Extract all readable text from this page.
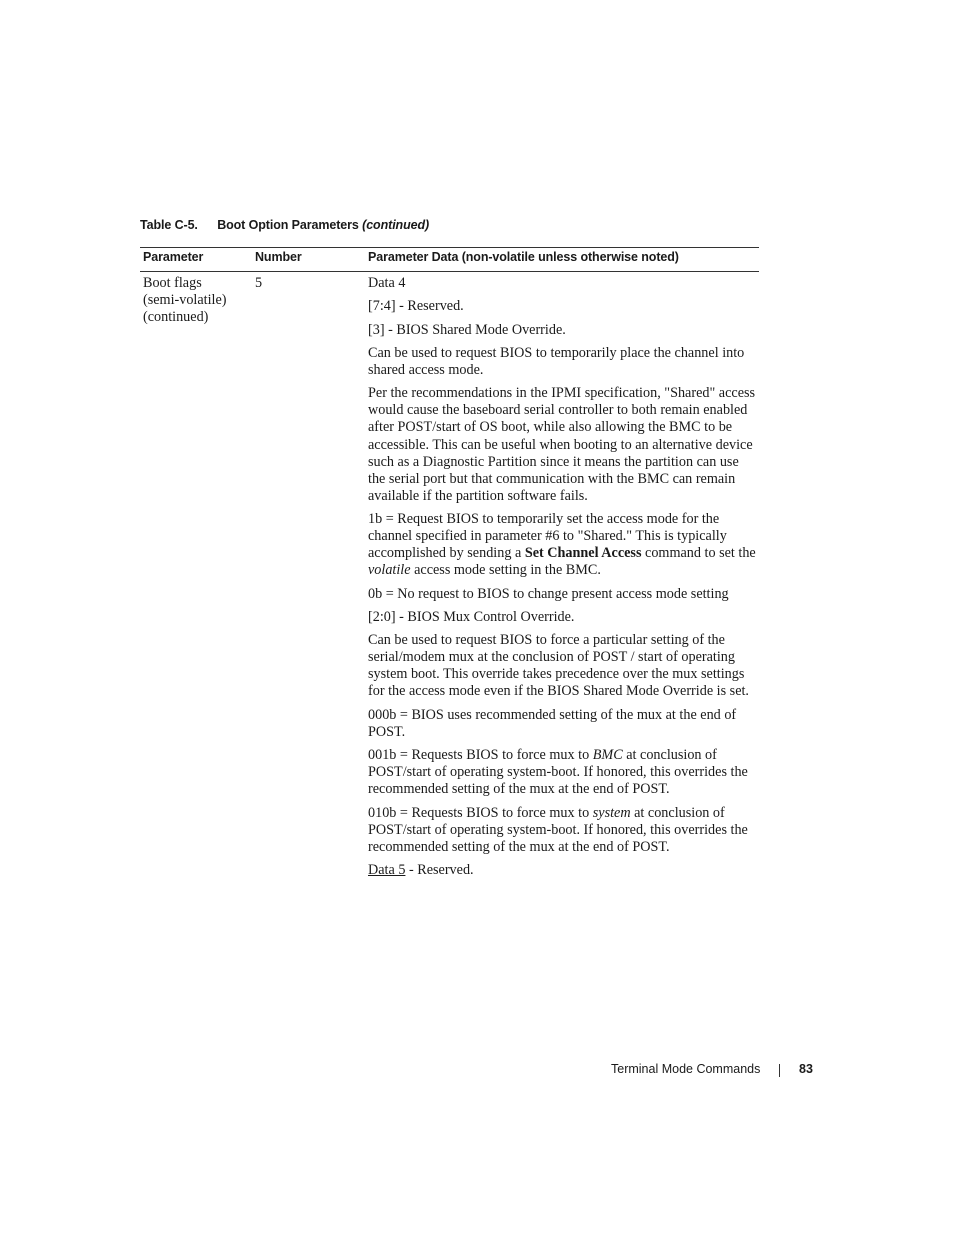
Table C-5. Boot Option Parameters (continued)
Parameter	Number	Parameter Data (non-volatile unless otherwise noted)
Boot flags
(semi-volatile)
(continued)
5	Data 4

[7:4] - Reserved.

[3] - BIOS Shared Mode Override.

Can be used to request BIOS to temporarily place the channel into shared access mode.

Per the recommendations in the IPMI specification, "Shared" access would cause the baseboard serial controller to both remain enabled after POST/start of OS boot, while also allowing the BMC to be accessible. This can be useful when booting to an alternative device such as a Diagnostic Partition since it means the partition can use the serial port but that communication with the BMC can remain available if the partition software fails.

1b = Request BIOS to temporarily set the access mode for the channel specified in parameter #6 to "Shared." This is typically accomplished by sending a Set Channel Access command to set the volatile access mode setting in the BMC.

0b = No request to BIOS to change present access mode setting

[2:0] - BIOS Mux Control Override.

Can be used to request BIOS to force a particular setting of the serial/modem mux at the conclusion of POST / start of operating system boot. This override takes precedence over the mux settings for the access mode even if the BIOS Shared Mode Override is set.

000b = BIOS uses recommended setting of the mux at the end of POST.

001b = Requests BIOS to force mux to BMC at conclusion of POST/start of operating system-boot. If honored, this overrides the recommended setting of the mux at the end of POST.

010b = Requests BIOS to force mux to system at conclusion of POST/start of operating system-boot. If honored, this overrides the recommended setting of the mux at the end of POST.

Data 5 - Reserved.

Terminal Mode Commands	83
